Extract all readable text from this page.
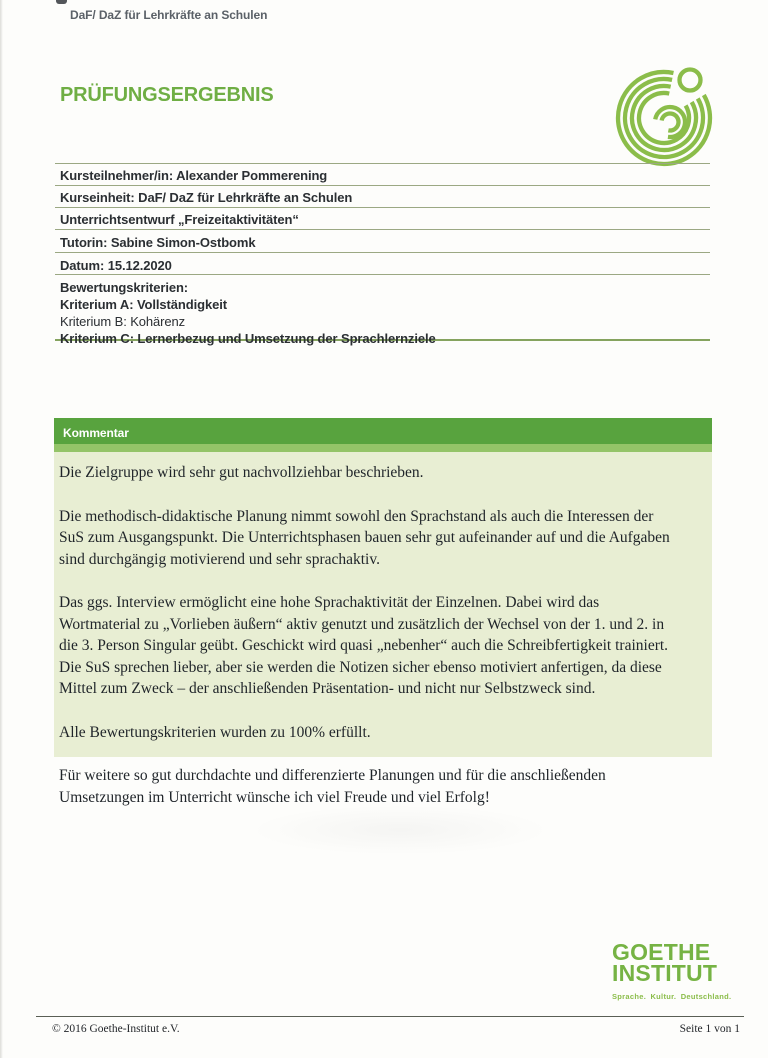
DaF/ DaZ für Lehrkräfte an Schulen
PRÜFUNGSERGEBNIS
Kursteilnehmer/in: Alexander Pommerening
Kurseinheit: DaF/ DaZ für Lehrkräfte an Schulen
Unterrichtsentwurf „Freizeitaktivitäten“
Tutorin: Sabine Simon-Ostbomk
Datum: 15.12.2020
Bewertungskriterien:
Kriterium A: Vollständigkeit
Kriterium B: Kohärenz
Kriterium C: Lernerbezug und Umsetzung der Sprachlernziele
Kommentar

Die Zielgruppe wird sehr gut nachvollziehbar beschrieben.

Die methodisch-didaktische Planung nimmt sowohl den Sprachstand als auch die Interessen der SuS zum Ausgangspunkt. Die Unterrichtsphasen bauen sehr gut aufeinander auf und die Aufgaben sind durchgängig motivierend und sehr sprachaktiv.

Das ggs. Interview ermöglicht eine hohe Sprachaktivität der Einzelnen. Dabei wird das Wortmaterial zu „Vorlieben äußern“ aktiv genutzt und zusätzlich der Wechsel von der 1. und 2. in die 3. Person Singular geübt. Geschickt wird quasi „nebenher“ auch die Schreibfertigkeit trainiert. Die SuS sprechen lieber, aber sie werden die Notizen sicher ebenso motiviert anfertigen, da diese Mittel zum Zweck – der anschließenden Präsentation- und nicht nur Selbstzweck sind.

Alle Bewertungskriterien wurden zu 100% erfüllt.

Für weitere so gut durchdachte und differenzierte Planungen und für die anschließenden Umsetzungen im Unterricht wünsche ich viel Freude und viel Erfolg!

GOETHE
INSTITUT
Sprache. Kultur. Deutschland.
© 2016 Goethe-Institut e.V.	Seite 1 von 1
